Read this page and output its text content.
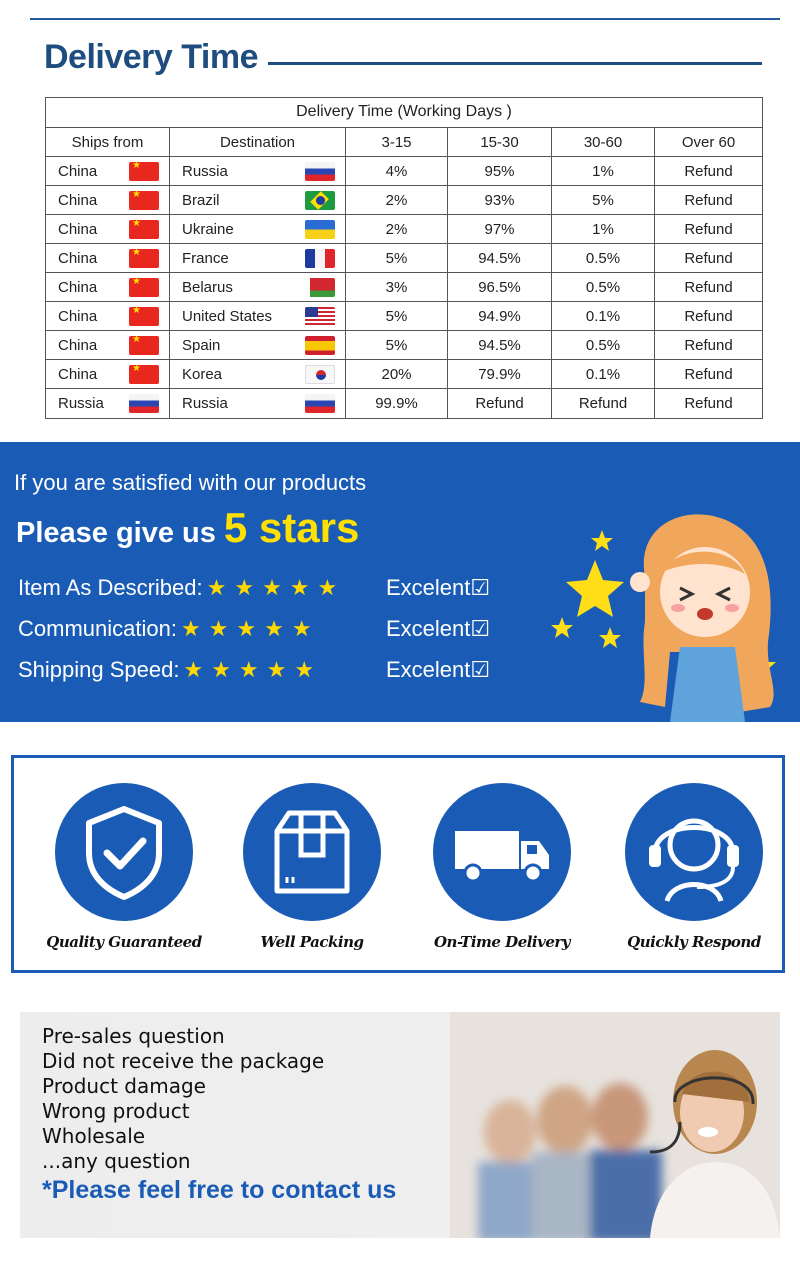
Delivery Time
Delivery Time (Working Days )
Ships from	Destination	3-15	15-30	30-60	Over 60
China ★	Russia	4%	95%	1%	Refund
China ★	Brazil	2%	93%	5%	Refund
China ★	Ukraine	2%	97%	1%	Refund
China ★	France	5%	94.5%	0.5%	Refund
China ★	Belarus	3%	96.5%	0.5%	Refund
China ★	United States	5%	94.9%	0.1%	Refund
China ★	Spain	5%	94.5%	0.5%	Refund
China ★	Korea	20%	79.9%	0.1%	Refund
Russia	Russia	99.9%	Refund	Refund	Refund
If you are satisfied with our products
Please give us 5 stars
Item As Described: ★★★★★ Excelent☑
Communication: ★★★★★	Excelent☑
Shipping Speed: ★★★★★	Excelent☑
Quality Guaranteed	Well Packing	On-Time Delivery	Quickly Respond
Pre-sales question
Did not receive the package
Product damage
Wrong product
Wholesale
...any question
*Please feel free to contact us
